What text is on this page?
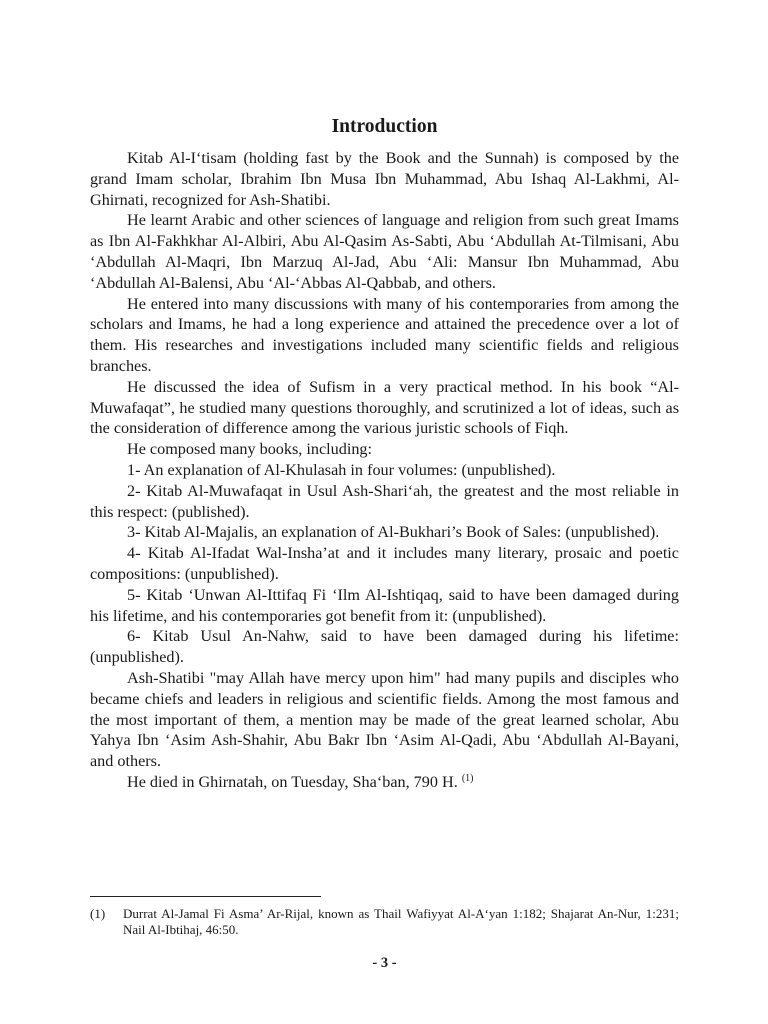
Introduction

Kitab Al-I‘tisam (holding fast by the Book and the Sunnah) is composed by the grand Imam scholar, Ibrahim Ibn Musa Ibn Muhammad, Abu Ishaq Al-Lakhmi, Al-Ghirnati, recognized for Ash-Shatibi.

He learnt Arabic and other sciences of language and religion from such great Imams as Ibn Al-Fakhkhar Al-Albiri, Abu Al-Qasim As-Sabti, Abu ‘Abdullah At-Tilmisani, Abu ‘Abdullah Al-Maqri, Ibn Marzuq Al-Jad, Abu ‘Ali: Mansur Ibn Muhammad, Abu ‘Abdullah Al-Balensi, Abu ‘Al-‘Abbas Al-Qabbab, and others.

He entered into many discussions with many of his contemporaries from among the scholars and Imams, he had a long experience and attained the precedence over a lot of them. His researches and investigations included many scientific fields and religious branches.

He discussed the idea of Sufism in a very practical method. In his book “Al-Muwafaqat”, he studied many questions thoroughly, and scrutinized a lot of ideas, such as the consideration of difference among the various juristic schools of Fiqh.

He composed many books, including:

1- An explanation of Al-Khulasah in four volumes: (unpublished).

2- Kitab Al-Muwafaqat in Usul Ash-Shari‘ah, the greatest and the most reliable in this respect: (published).

3- Kitab Al-Majalis, an explanation of Al-Bukhari’s Book of Sales: (unpublished).

4- Kitab Al-Ifadat Wal-Insha’at and it includes many literary, prosaic and poetic compositions: (unpublished).

5- Kitab ‘Unwan Al-Ittifaq Fi ‘Ilm Al-Ishtiqaq, said to have been damaged during his lifetime, and his contemporaries got benefit from it: (unpublished).

6- Kitab Usul An-Nahw, said to have been damaged during his lifetime: (unpublished).

Ash-Shatibi "may Allah have mercy upon him" had many pupils and disciples who became chiefs and leaders in religious and scientific fields. Among the most famous and the most important of them, a mention may be made of the great learned scholar, Abu Yahya Ibn ‘Asim Ash-Shahir, Abu Bakr Ibn ‘Asim Al-Qadi, Abu ‘Abdullah Al-Bayani, and others.

He died in Ghirnatah, on Tuesday, Sha‘ban, 790 H. $^{(1)}$

(1)	Durrat Al-Jamal Fi Asma’ Ar-Rijal, known as Thail Wafiyyat Al-A‘yan 1:182; Shajarat An-Nur, 1:231; Nail Al-Ibtihaj, 46:50.
- 3 -
